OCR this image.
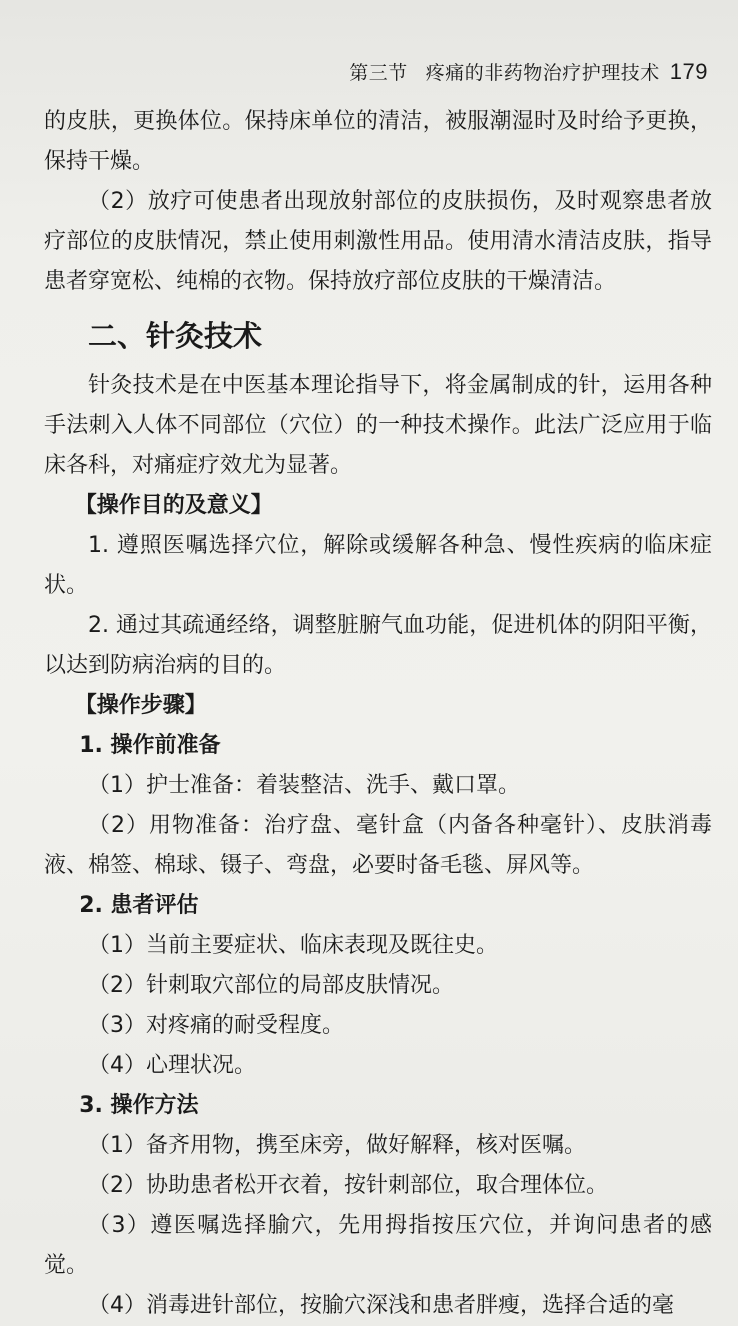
第三节 疼痛的非药物治疗护理技术 179

的皮肤，更换体位。保持床单位的清洁，被服潮湿时及时给予更换，保持干燥。

（2）放疗可使患者出现放射部位的皮肤损伤，及时观察患者放疗部位的皮肤情况，禁止使用刺激性用品。使用清水清洁皮肤，指导患者穿宽松、纯棉的衣物。保持放疗部位皮肤的干燥清洁。

二、针灸技术

针灸技术是在中医基本理论指导下，将金属制成的针，运用各种手法刺入人体不同部位（穴位）的一种技术操作。此法广泛应用于临床各科，对痛症疗效尤为显著。

【操作目的及意义】

1. 遵照医嘱选择穴位，解除或缓解各种急、慢性疾病的临床症状。

2. 通过其疏通经络，调整脏腑气血功能，促进机体的阴阳平衡，以达到防病治病的目的。

【操作步骤】

1. 操作前准备

（1）护士准备：着装整洁、洗手、戴口罩。

（2）用物准备：治疗盘、毫针盒（内备各种毫针）、皮肤消毒液、棉签、棉球、镊子、弯盘，必要时备毛毯、屏风等。

2. 患者评估

（1）当前主要症状、临床表现及既往史。

（2）针刺取穴部位的局部皮肤情况。

（3）对疼痛的耐受程度。

（4）心理状况。

3. 操作方法

（1）备齐用物，携至床旁，做好解释，核对医嘱。

（2）协助患者松开衣着，按针刺部位，取合理体位。

（3）遵医嘱选择腧穴，先用拇指按压穴位，并询问患者的感觉。

（4）消毒进针部位，按腧穴深浅和患者胖瘦，选择合适的毫
